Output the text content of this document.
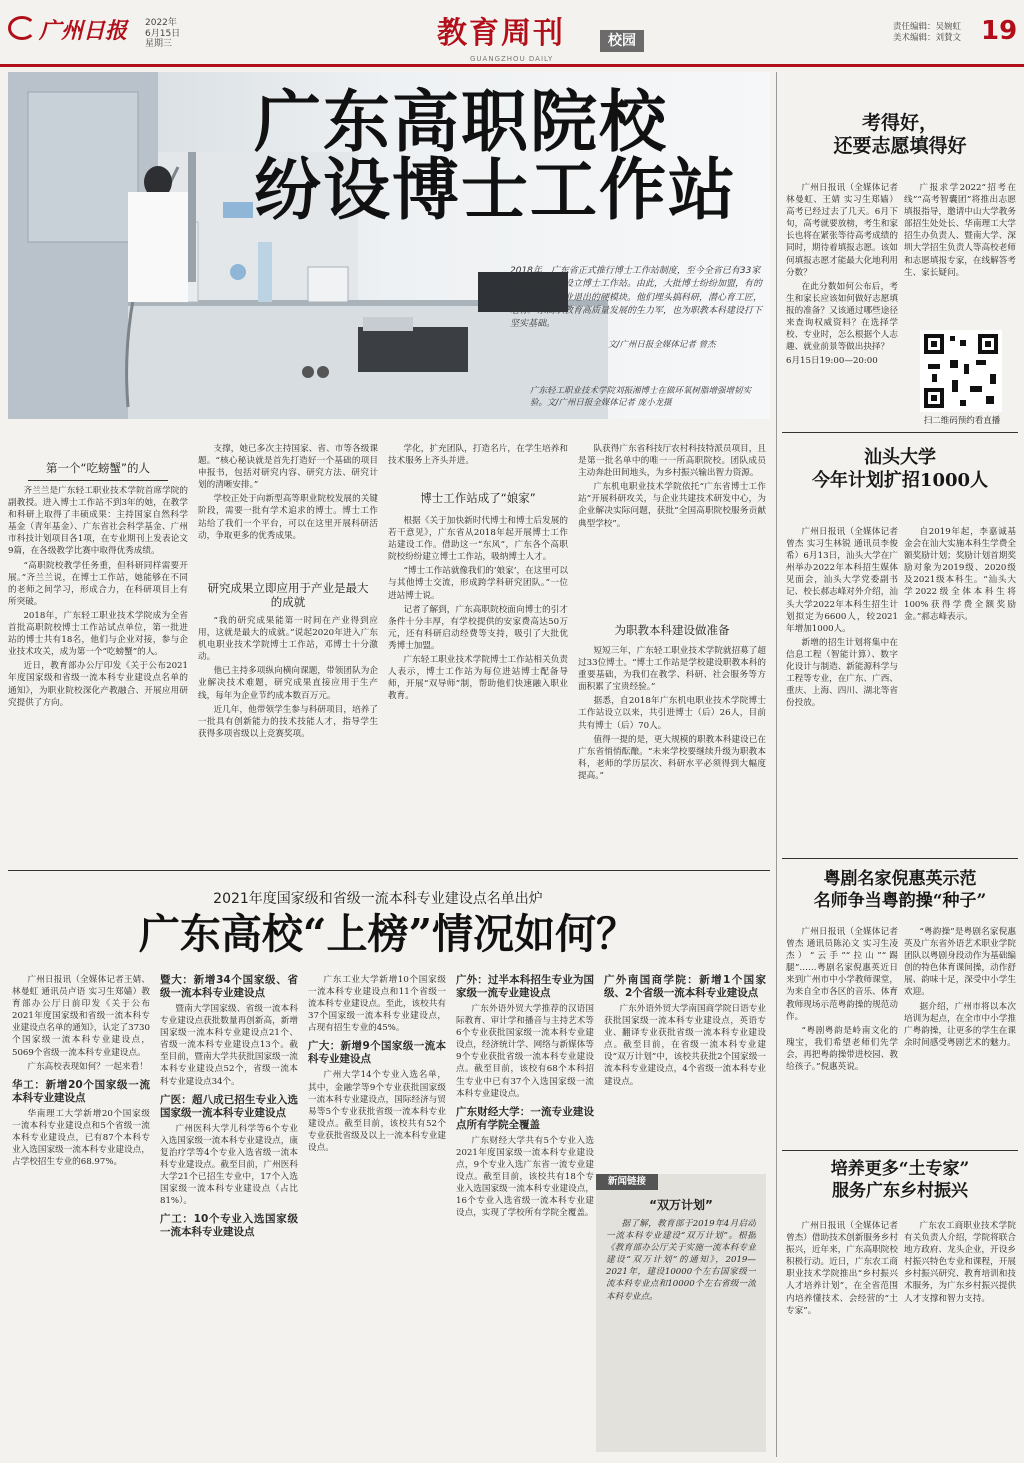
广州日报 2022年
6月15日
星期三	教育周刊	校园
GUANGZHOU DAILY
责任编辑：吴婉虹
美术编辑：刘賛文 19
广东高职院校
纷设博士工作站
2018年，广东省正式推行博士工作站制度，至今全省已有33家高职院校组建设立博士工作站。由此，大批博士纷纷加盟，有的还政府了大企业退出的硬模块。他们埋头搞科研，潜心育工匠，堪称广东高职教育高质量发展的生力军，也为职教本科建设打下坚实基础。
文/广州日报全媒体记者 曾杰
广东轻工职业技术学院刘振湘博士在做环氧树脂增强增韧实验。文/广州日报全媒体记者 庞小龙摄
第一个“吃螃蟹”的人

齐兰兰是广东轻工职业技术学院首席学院的副教授。进入博士工作站不到3年的她，在教学和科研上取得了丰硕成果：主持国家自然科学基金（青年基金）、广东省社会科学基金、广州市科技计划项目各1项，在专业期刊上发表论文9篇，在各级教学比赛中取得优秀成绩。

“高职院校教学任务重，但科研同样需要开展。”齐兰兰说，在博士工作站，她能够在不同的老师之间学习，形成合力，在科研项目上有所突破。

2018年，广东轻工职业技术学院成为全省首批高职院校博士工作站试点单位，第一批进站的博士共有18名，他们与企业对接，参与企业技术攻关，成为第一个“吃螃蟹”的人。

近日，教育部办公厅印发《关于公布2021年度国家级和省级一流本科专业建设点名单的通知》，为职业院校深化产教融合、开展应用研究提供了方向。

支撑，她已多次主持国家、省、市等各级课题。“核心秘诀就是首先打造好一个基础的项目申报书，包括对研究内容、研究方法、研究计划的清晰安排。”

学校正处于向新型高等职业院校发展的关键阶段，需要一批有学术追求的博士。博士工作站给了我们一个平台，可以在这里开展科研活动，争取更多的优秀成果。

研究成果立即应用于产业是最大的成就

“我的研究成果能第一时间在产业得到应用，这就是最大的成就。”说起2020年进入广东机电职业技术学院博士工作站，邓博士十分激动。

他已主持多项纵向横向课题，带领团队为企业解决技术难题，研究成果直接应用于生产线，每年为企业节约成本数百万元。

近几年，他带领学生参与科研项目，培养了一批具有创新能力的技术技能人才，指导学生获得多项省级以上竞赛奖项。

学化，扩充团队，打造名片，在学生培养和技术服务上齐头并进。

博士工作站成了“娘家”

根据《关于加快新时代博士和博士后发展的若干意见》，广东省从2018年起开展博士工作站建设工作。借助这一“东风”，广东各个高职院校纷纷建立博士工作站，吸纳博士人才。

“博士工作站就像我们的‘娘家’，在这里可以与其他博士交流，形成跨学科研究团队。”一位进站博士说。

记者了解到，广东高职院校面向博士的引才条件十分丰厚，有学校提供的安家费高达50万元，还有科研启动经费等支持，吸引了大批优秀博士加盟。

广东轻工职业技术学院博士工作站相关负责人表示，博士工作站为每位进站博士配备导师，开展“双导师”制，帮助他们快速融入职业教育。

队获得广东省科技厅农村科技特派员项目，且是第一批名单中的唯一一所高职院校。团队成员主动奔赴田间地头，为乡村振兴输出智力资源。

广东机电职业技术学院依托“广东省博士工作站”开展科研攻关，与企业共建技术研发中心，为企业解决实际问题，获批“全国高职院校服务贡献典型学校”。

为职教本科建设做准备

短短三年，广东轻工职业技术学院就招募了超过33位博士。“博士工作站是学校建设职教本科的重要基础，为我们在教学、科研、社会服务等方面积累了宝贵经验。”

据悉，自2018年广东机电职业技术学院博士工作站设立以来，共引进博士（后）26人，目前共有博士（后）70人。

值得一提的是，更大规模的职教本科建设已在广东省悄悄酝酿。“未来学校要继续升级为职教本科，老师的学历层次、科研水平必须得到大幅度提高。”

考得好，
还要志愿填得好

广州日报讯（全媒体记者林曼虹、王婧 实习生郑嫱）高考已经过去了几天。6月下旬，高考就要放榜，考生和家长也将在紧张等待高考成绩的同时，期待着填报志愿。该如何填报志愿才能最大化地利用分数？

在此分数如何公布后，考生和家长应该如何做好志愿填报的准备？又该通过哪些途径来查询权威资料？在选择学校、专业时，怎么根据个人志趣、就业前景等做出抉择？

6月15日19:00—20:00

广报求学2022“招考在线”“高考智囊团”将推出志愿填报指导，邀请中山大学教务部招生处处长、华南理工大学招生办负责人、暨南大学、深圳大学招生负责人等高校老师和志愿填报专家，在线解答考生、家长疑问。

扫二维码预约看直播
汕头大学
今年计划扩招1000人

广州日报讯（全媒体记者曾杰 实习生林锐 通讯员李俊希）6月13日，汕头大学在广州举办2022年本科招生媒体见面会，汕头大学党委副书记、校长郝志峰对外介绍，汕头大学2022年本科生招生计划拟定为6600人，较2021年增加1000人。

新增的招生计划将集中在信息工程（智能计算）、数字化设计与制造、新能源科学与工程等专业，在广东、广西、重庆、上海、四川、湖北等省份投放。

自2019年起，李嘉诚基金会在汕大实施本科生学费全额奖励计划；奖励计划首期奖励对象为2019级、2020级及2021级本科生。“汕头大学2022级全体本科生将100%获得学费全额奖励金。”郝志峰表示。

粤剧名家倪惠英示范
名师争当粤韵操“种子”

广州日报讯（全媒体记者曾杰 通讯员陈沁文 实习生凌杰）“云手”“拉山”“踢腿”……粤剧名家倪惠英近日来到广州市中小学教师课堂，为来自全市各区的音乐、体育教师现场示范粤韵操的规范动作。

“粤剧粤韵是岭南文化的瑰宝，我们希望老师们先学会，再把粤韵操带进校园、教给孩子。”倪惠英说。

“粤韵操”是粤剧名家倪惠英及广东省外语艺术职业学院团队以粤剧身段动作为基础编创的特色体育课间操，动作舒展、韵味十足，深受中小学生欢迎。

据介绍，广州市将以本次培训为起点，在全市中小学推广粤韵操，让更多的学生在课余时间感受粤剧艺术的魅力。

培养更多“土专家”
服务广东乡村振兴

广州日报讯（全媒体记者曾杰）借助技术创新服务乡村振兴，近年来，广东高职院校积极行动。近日，广东农工商职业技术学院推出“乡村振兴人才培养计划”，在全省范围内培养懂技术、会经营的“土专家”。

广东农工商职业技术学院有关负责人介绍，学院将联合地方政府、龙头企业，开设乡村振兴特色专业和课程，开展乡村振兴研究、教育培训和技术服务，为广东乡村振兴提供人才支撑和智力支持。

2021年度国家级和省级一流本科专业建设点名单出炉
广东高校“上榜”情况如何？

广州日报讯（全媒体记者王婧、林曼虹 通讯员卢语 实习生郑嫱）教育部办公厅日前印发《关于公布2021年度国家级和省级一流本科专业建设点名单的通知》，认定了3730个国家级一流本科专业建设点，5069个省级一流本科专业建设点。

广东高校表现如何？一起来看！

华工：新增20个国家级一流本科专业建设点

华南理工大学新增20个国家级一流本科专业建设点和5个省级一流本科专业建设点，已有87个本科专业入选国家级一流本科专业建设点，占学校招生专业的68.97%。

暨大：新增34个国家级、省级一流本科专业建设点

暨南大学国家级、省级一流本科专业建设点获批数量再创新高，新增国家级一流本科专业建设点21个、省级一流本科专业建设点13个。截至目前，暨南大学共获批国家级一流本科专业建设点52个，省级一流本科专业建设点34个。

广医：超八成已招生专业入选国家级一流本科专业建设点

广州医科大学儿科学等6个专业入选国家级一流本科专业建设点，康复治疗学等4个专业入选省级一流本科专业建设点。截至目前，广州医科大学21个已招生专业中，17个入选国家级一流本科专业建设点（占比81%）。

广工：10个专业入选国家级一流本科专业建设点

广东工业大学新增10个国家级一流本科专业建设点和11个省级一流本科专业建设点。至此，该校共有37个国家级一流本科专业建设点，占现有招生专业的45%。

广大：新增9个国家级一流本科专业建设点

广州大学14个专业入选名单，其中，金融学等9个专业获批国家级一流本科专业建设点，国际经济与贸易等5个专业获批省级一流本科专业建设点。截至目前，该校共有52个专业获批省级及以上一流本科专业建设点。

广外：过半本科招生专业为国家级一流专业建设点

广东外语外贸大学推荐的汉语国际教育、审计学和播音与主持艺术等6个专业获批国家级一流本科专业建设点，经济统计学、网络与新媒体等9个专业获批省级一流本科专业建设点。截至目前，该校有68个本科招生专业中已有37个入选国家级一流本科专业建设点。

广东财经大学：一流专业建设点所有学院全覆盖

广东财经大学共有5个专业入选2021年度国家级一流本科专业建设点，9个专业入选广东省一流专业建设点。截至目前，该校共有18个专业入选国家级一流本科专业建设点，16个专业入选省级一流本科专业建设点，实现了学校所有学院全覆盖。

广外南国商学院：新增1个国家级、2个省级一流本科专业建设点

广东外语外贸大学南国商学院日语专业获批国家级一流本科专业建设点，英语专业、翻译专业获批省级一流本科专业建设点。截至目前，在省级一流本科专业建设“双万计划”中，该校共获批2个国家级一流本科专业建设点，4个省级一流本科专业建设点。

新闻链接
“双万计划”

据了解，教育部于2019年4月启动一流本科专业建设“双万计划”。根据《教育部办公厅关于实施一流本科专业建设“双万计划”的通知》，2019—2021年，建设10000个左右国家级一流本科专业点和10000个左右省级一流本科专业点。
